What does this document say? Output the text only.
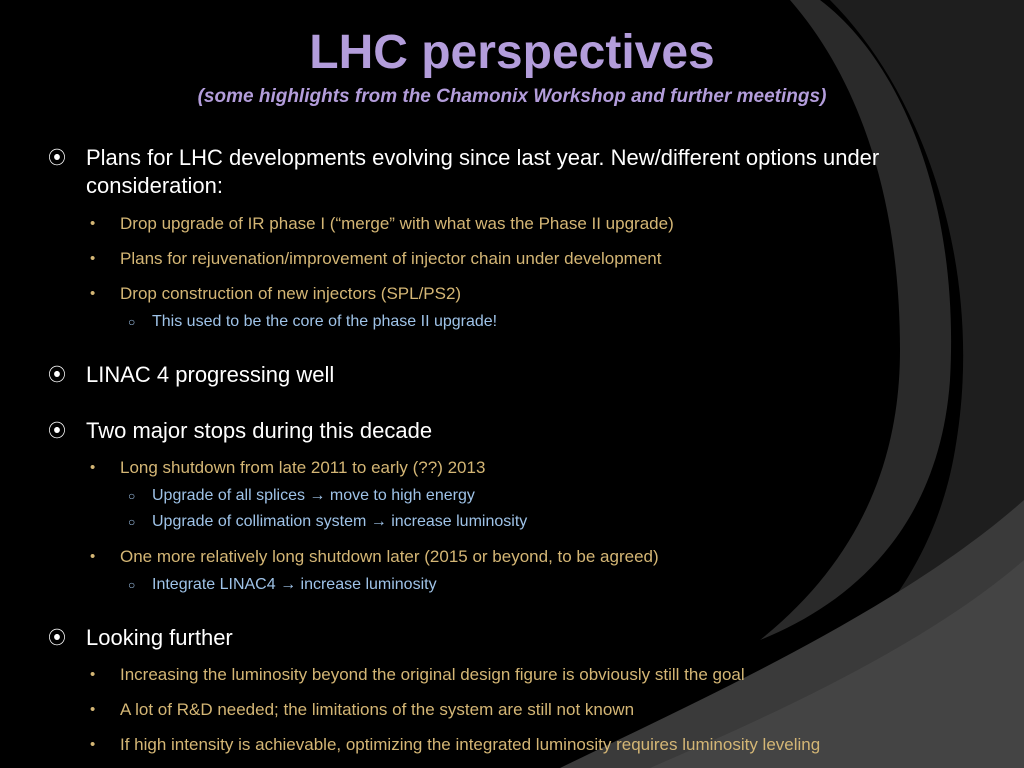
LHC perspectives

(some highlights from the Chamonix Workshop and further meetings)

⦿ Plans for LHC developments evolving since last year. New/different options under consideration:
• Drop upgrade of IR phase I (“merge” with what was the Phase II upgrade)
• Plans for rejuvenation/improvement of injector chain under development
• Drop construction of new injectors (SPL/PS2)
○ This used to be the core of the phase II upgrade!
⦿ LINAC 4 progressing well
⦿ Two major stops during this decade
• Long shutdown from late 2011 to early (??) 2013
○ Upgrade of all splices → move to high energy
○ Upgrade of collimation system → increase luminosity
• One more relatively long shutdown later (2015 or beyond, to be agreed)
○ Integrate LINAC4 → increase luminosity
⦿ Looking further
• Increasing the luminosity beyond the original design figure is obviously still the goal
• A lot of R&D needed; the limitations of the system are still not known
• If high intensity is achievable, optimizing the integrated luminosity requires luminosity leveling
